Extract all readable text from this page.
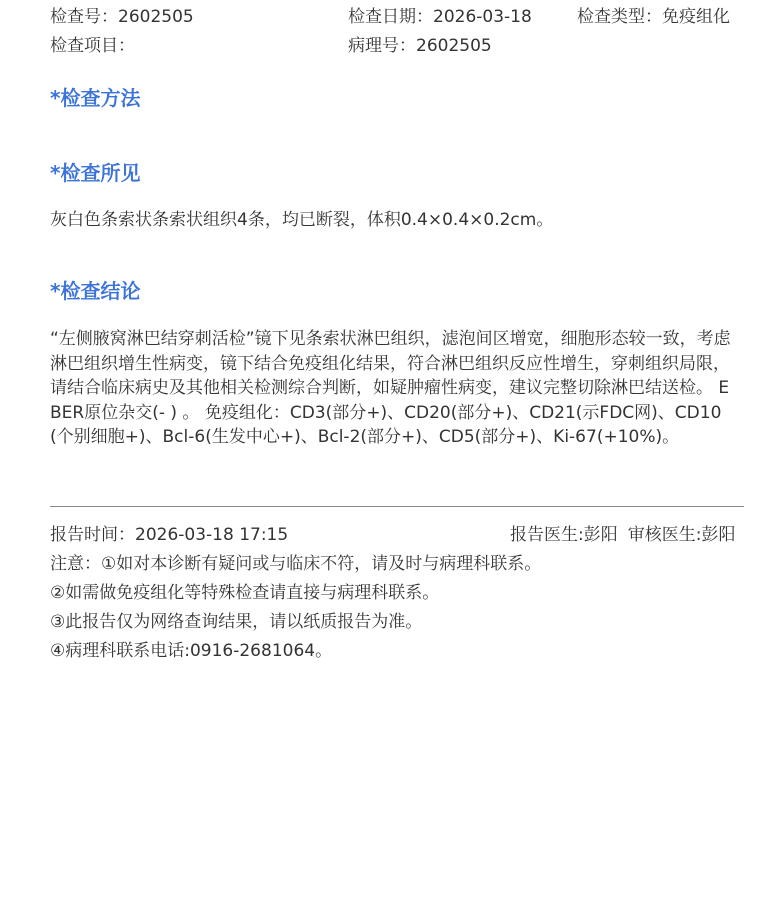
检查号：2602505	检查日期：2026-03-18	检查类型：免疫组化
检查项目：	病理号：2602505
*检查方法
*检查所见
灰白色条索状条索状组织4条，均已断裂，体积0.4×0.4×0.2cm。
*检查结论
“左侧腋窝淋巴结穿刺活检”镜下见条索状淋巴组织，滤泡间区增宽，细胞形态较一致，考虑淋巴组织增生性病变，镜下结合免疫组化结果，符合淋巴组织反应性增生，穿刺组织局限，请结合临床病史及其他相关检测综合判断，如疑肿瘤性病变，建议完整切除淋巴结送检。 EBER原位杂交(- ) 。 免疫组化：CD3(部分+)、CD20(部分+)、CD21(示FDC网)、CD10(个别细胞+)、Bcl-6(生发中心+)、Bcl-2(部分+)、CD5(部分+)、Ki-67(+10%)。
报告时间：2026-03-18 17:15	报告医生:彭阳 审核医生:彭阳
注意：①如对本诊断有疑问或与临床不符，请及时与病理科联系。
②如需做免疫组化等特殊检查请直接与病理科联系。
③此报告仅为网络查询结果，请以纸质报告为准。
④病理科联系电话:0916-2681064。
